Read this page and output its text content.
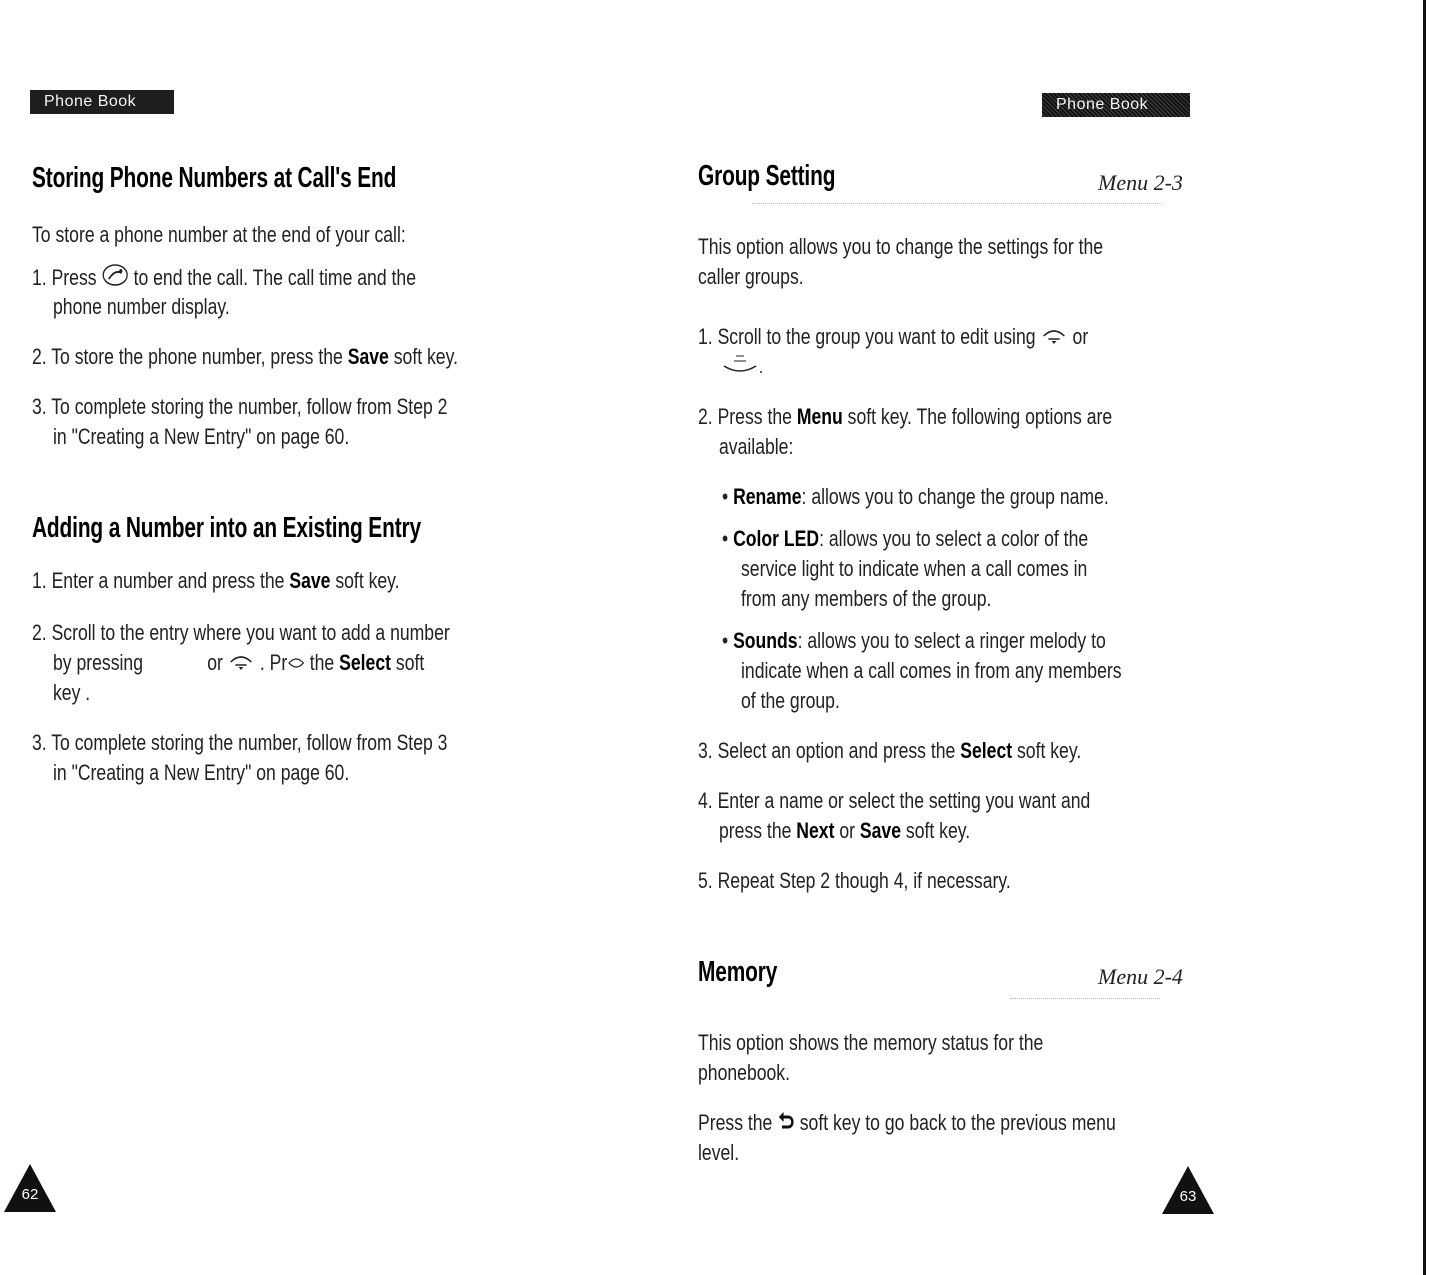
Phone Book	Phone Book
Storing Phone Numbers at Call's End
To store a phone number at the end of your call:
1. Press to end the call. The call time and the
phone number display.
2. To store the phone number, press the Save soft key.
3. To complete storing the number, follow from Step 2
in "Creating a New Entry" on page 60.
Adding a Number into an Existing Entry
1. Enter a number and press the Save soft key.
2. Scroll to the entry where you want to add a number
by pressing	or . Pr the Select soft
key .
3. To complete storing the number, follow from Step 3
in "Creating a New Entry" on page 60.
62
Group Setting	Menu 2-3
This option allows you to change the settings for the
caller groups.
1. Scroll to the group you want to edit using or
2. Press the Menu soft key. The following options are
available:
• Rename: allows you to change the group name.
• Color LED: allows you to select a color of the
service light to indicate when a call comes in
from any members of the group.
• Sounds: allows you to select a ringer melody to
indicate when a call comes in from any members
of the group.
3. Select an option and press the Select soft key.
4. Enter a name or select the setting you want and
press the Next or Save soft key.
5. Repeat Step 2 though 4, if necessary.
Memory	Menu 2-4
This option shows the memory status for the
phonebook.
Press the soft key to go back to the previous menu
level.
63
